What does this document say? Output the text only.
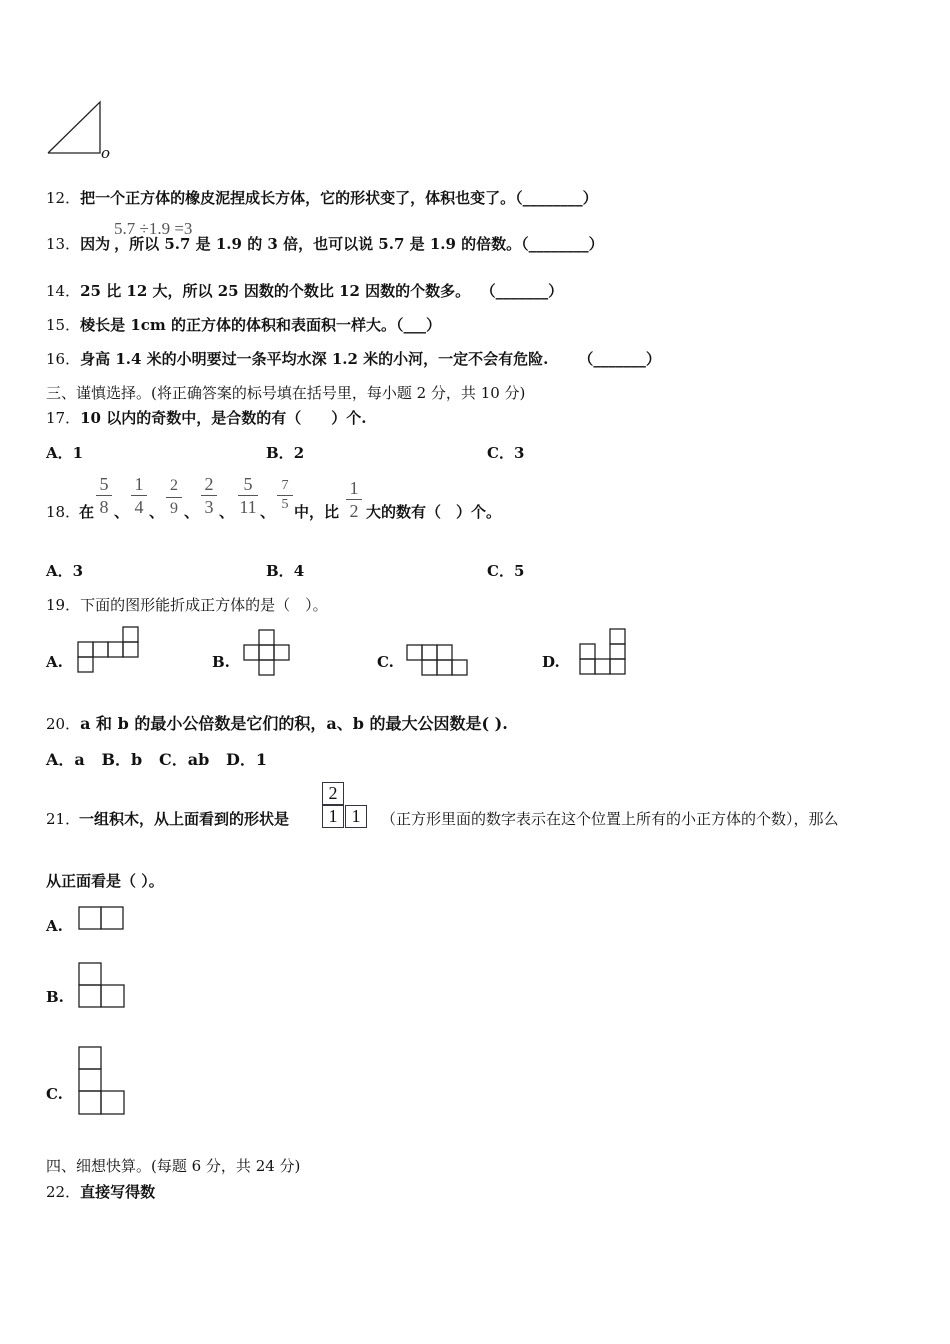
o
12．把一个正方体的橡皮泥捏成长方体，它的形状变了，体积也变了。（________）
13．因为 ，所以 5.7 是 1.9 的 3 倍，也可以说 5.7 是 1.9 的倍数。（________）
5.7 ÷1.9 =3
14．25 比 12 大，所以 25 因数的个数比 12 因数的个数多。 （_______）
15．棱长是 1cm 的正方体的体积和表面积一样大。（___）
16．身高 1.4 米的小明要过一条平均水深 1.2 米的小河，一定不会有危险. （_______）
三、谨慎选择。(将正确答案的标号填在括号里，每小题 2 分，共 10 分)
17．10 以内的奇数中，是合数的有（　　）个.
A．1	B．2	C．3
18．
在
5
8 、
1
4 、
2
9 、
2
3 、
5
11 、
7
5 中，比
1
2 大的数有（　）个。
A．3	B．4	C．5
19．下面的图形能折成正方体的是（　）。
A.	B.	C.	D.
20．a 和 b 的最小公倍数是它们的积，a、b 的最大公因数是( ).
A．a B．b C．ab D．1
21．
一组积木，从上面看到的形状是
2
1 1	（正方形里面的数字表示在这个位置上所有的小正方体的个数），那么
从正面看是（ ）。
A.
B.
C.
四、细想快算。(每题 6 分，共 24 分)
22．直接写得数
